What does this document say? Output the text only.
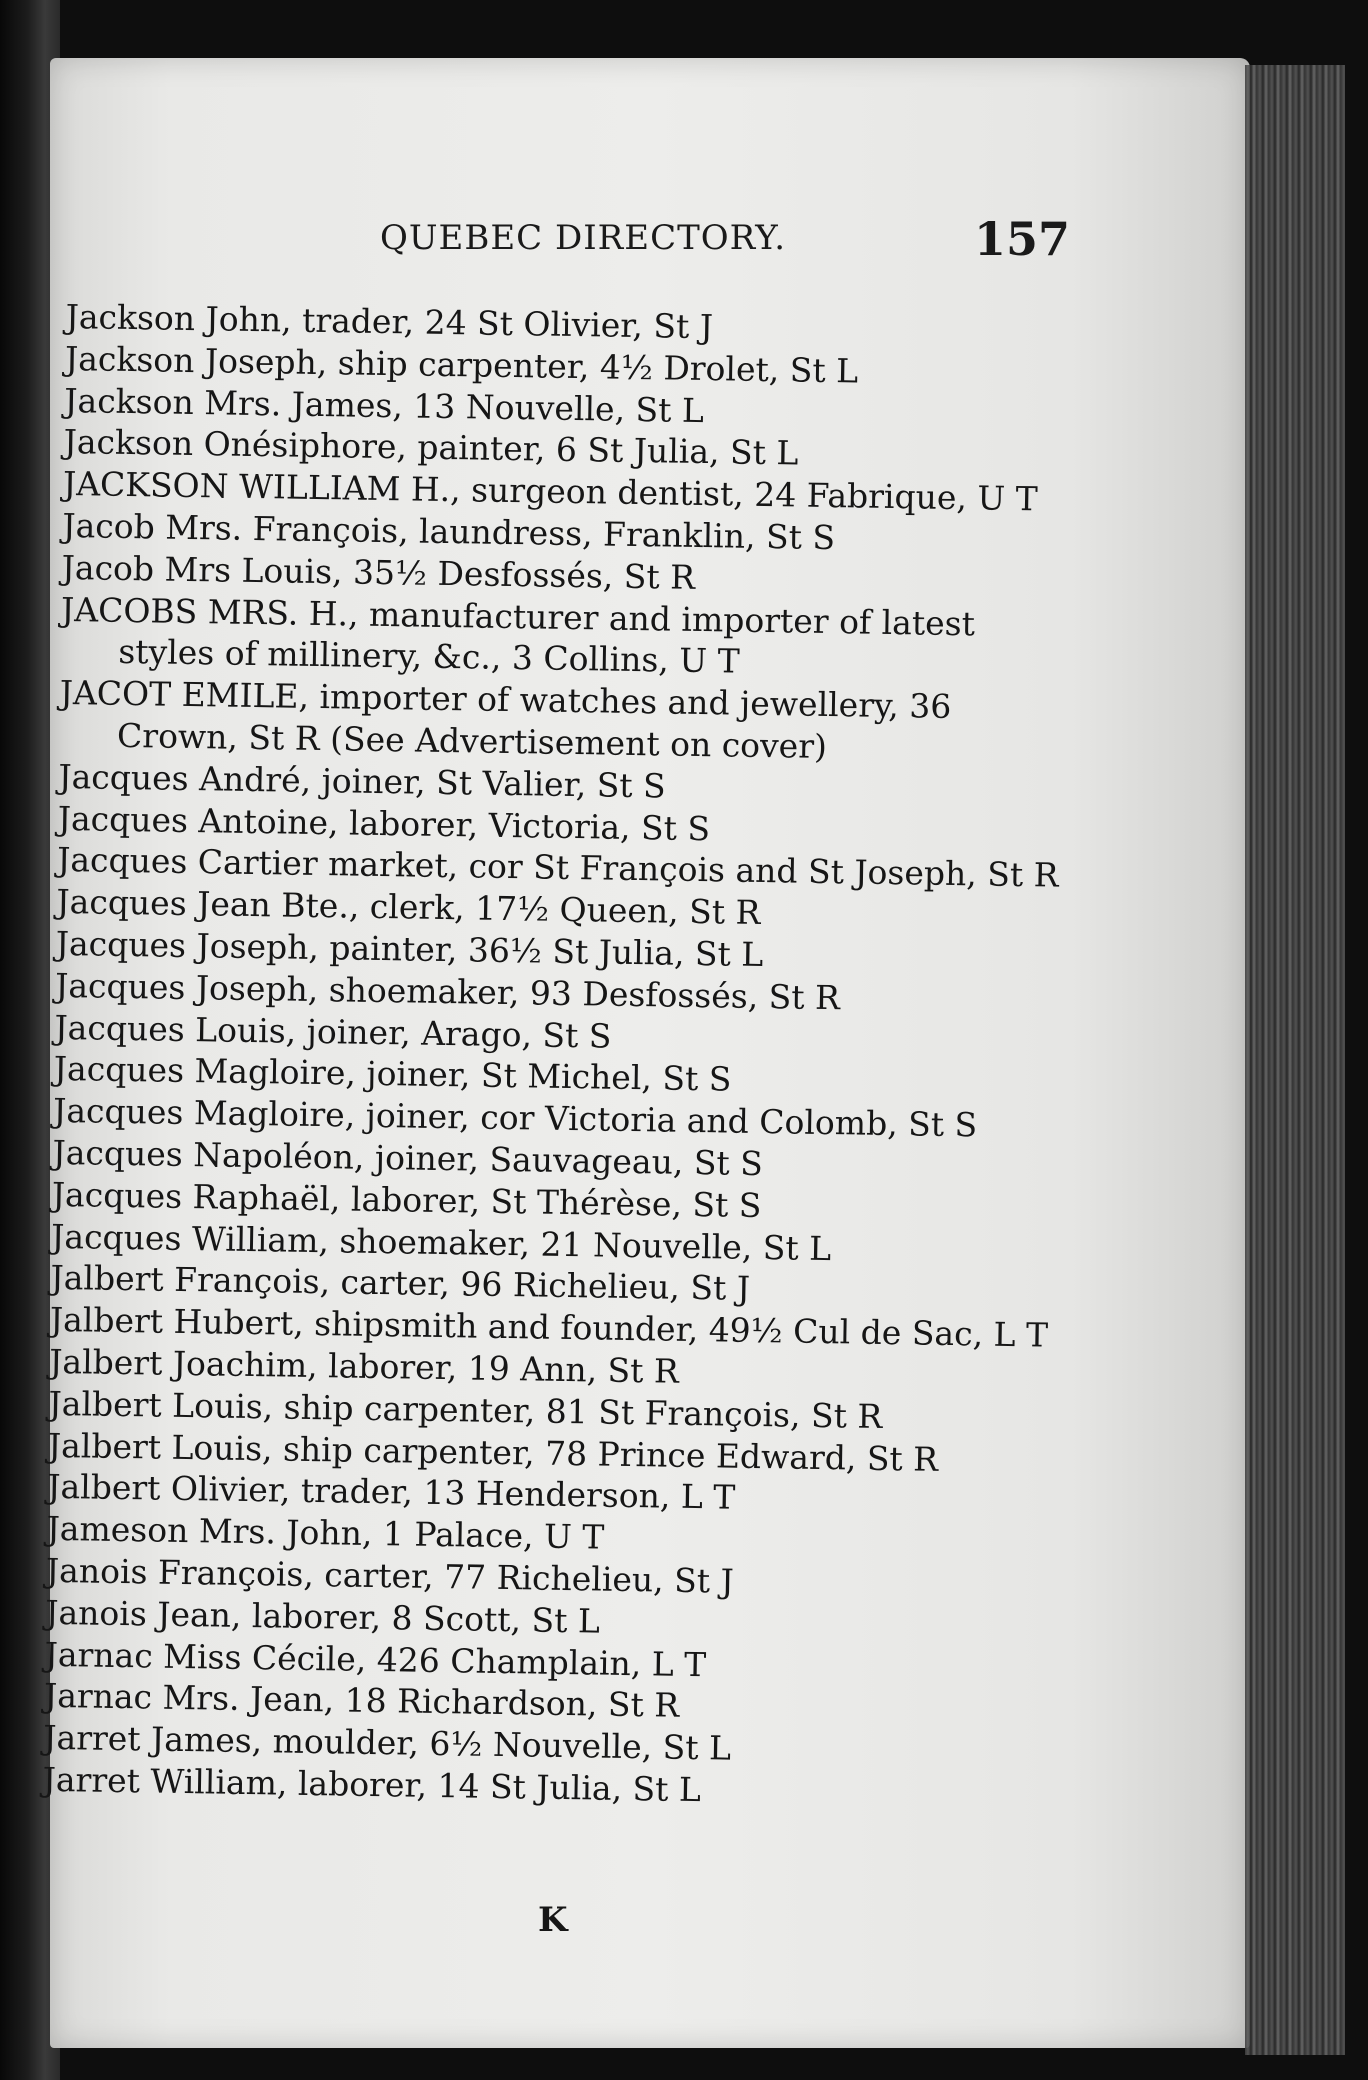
QUEBEC DIRECTORY.	157
Jackson John, trader, 24 St Olivier, St J
Jackson Joseph, ship carpenter, 4½ Drolet, St L
Jackson Mrs. James, 13 Nouvelle, St L
Jackson Onésiphore, painter, 6 St Julia, St L
JACKSON WILLIAM H., surgeon dentist, 24 Fabrique, U T
Jacob Mrs. François, laundress, Franklin, St S
Jacob Mrs Louis, 35½ Desfossés, St R
JACOBS MRS. H., manufacturer and importer of latest styles of millinery, &c., 3 Collins, U T
JACOT EMILE, importer of watches and jewellery, 36 Crown, St R (See Advertisement on cover)
Jacques André, joiner, St Valier, St S
Jacques Antoine, laborer, Victoria, St S
Jacques Cartier market, cor St François and St Joseph, St R
Jacques Jean Bte., clerk, 17½ Queen, St R
Jacques Joseph, painter, 36½ St Julia, St L
Jacques Joseph, shoemaker, 93 Desfossés, St R
Jacques Louis, joiner, Arago, St S
Jacques Magloire, joiner, St Michel, St S
Jacques Magloire, joiner, cor Victoria and Colomb, St S
Jacques Napoléon, joiner, Sauvageau, St S
Jacques Raphaël, laborer, St Thérèse, St S
Jacques William, shoemaker, 21 Nouvelle, St L
Jalbert François, carter, 96 Richelieu, St J
Jalbert Hubert, shipsmith and founder, 49½ Cul de Sac, L T
Jalbert Joachim, laborer, 19 Ann, St R
Jalbert Louis, ship carpenter, 81 St François, St R
Jalbert Louis, ship carpenter, 78 Prince Edward, St R
Jalbert Olivier, trader, 13 Henderson, L T
Jameson Mrs. John, 1 Palace, U T
Janois François, carter, 77 Richelieu, St J
Janois Jean, laborer, 8 Scott, St L
Jarnac Miss Cécile, 426 Champlain, L T
Jarnac Mrs. Jean, 18 Richardson, St R
Jarret James, moulder, 6½ Nouvelle, St L
Jarret William, laborer, 14 St Julia, St L
K
